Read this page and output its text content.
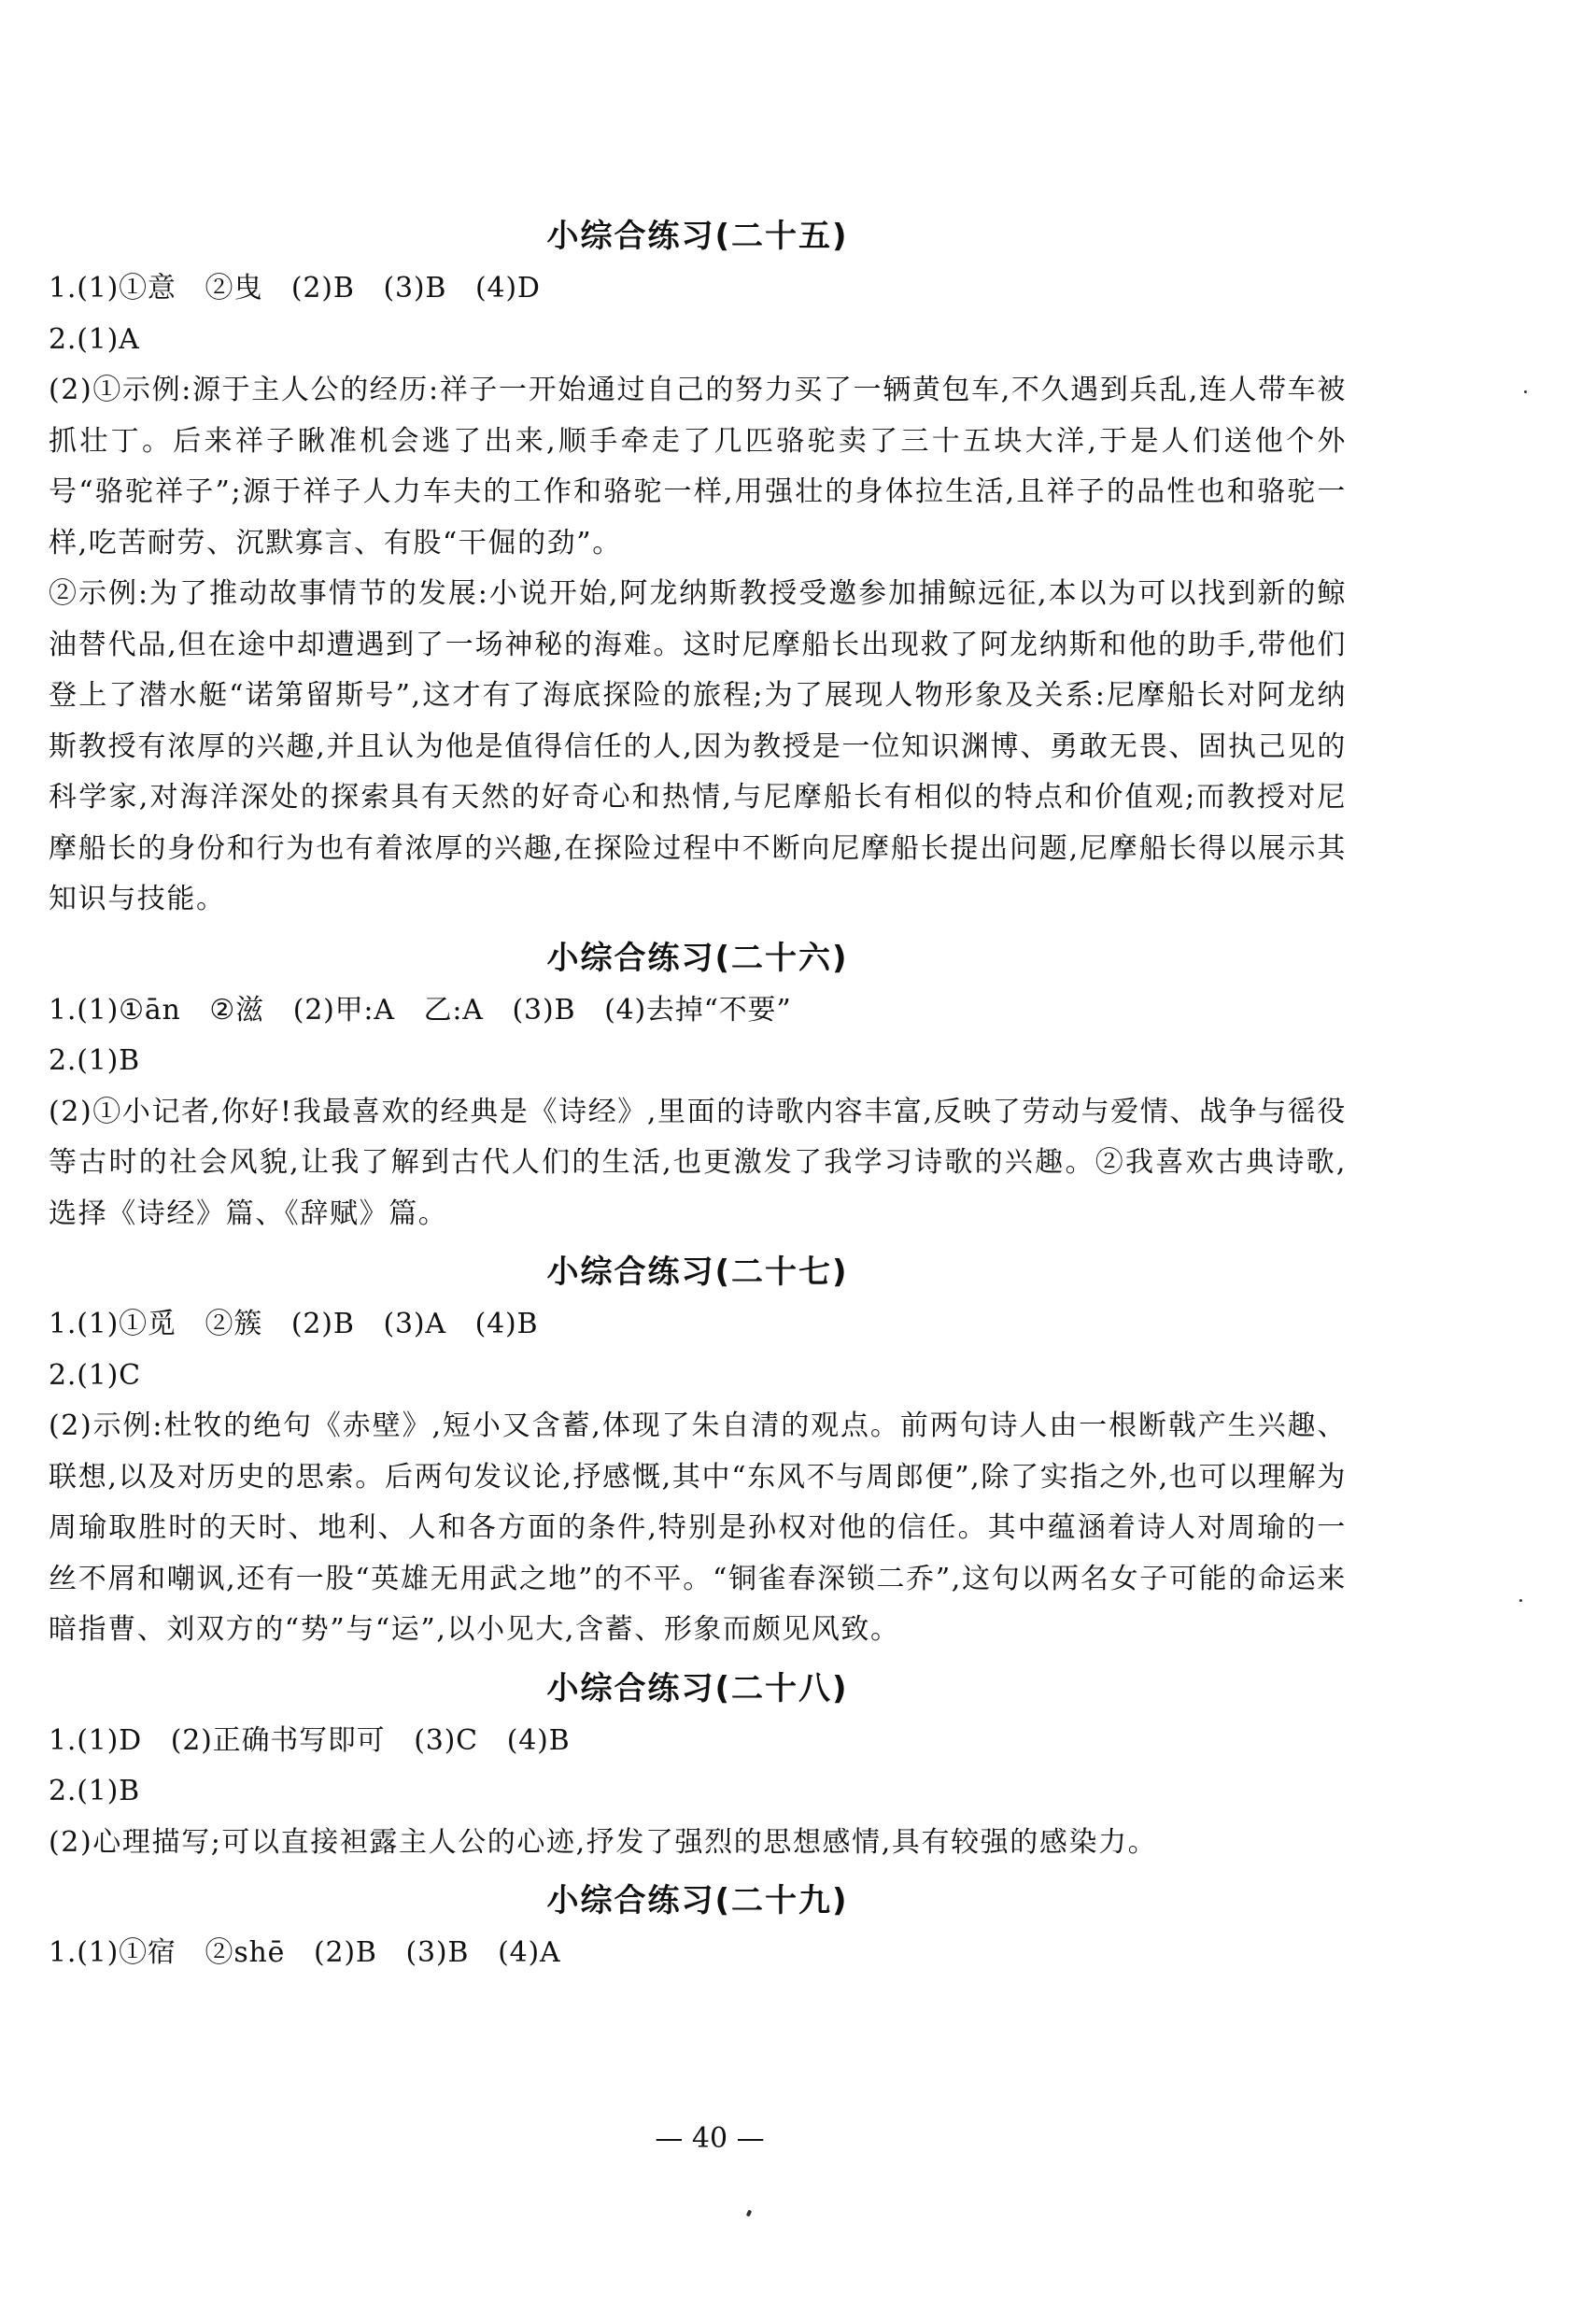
小综合练习(二十五)

1.(1)①意　②曳　(2)B　(3)B　(4)D

2.(1)A

(2)①示例:源于主人公的经历:祥子一开始通过自己的努力买了一辆黄包车,不久遇到兵乱,连人带车被抓壮丁。后来祥子瞅准机会逃了出来,顺手牵走了几匹骆驼卖了三十五块大洋,于是人们送他个外号“骆驼祥子”;源于祥子人力车夫的工作和骆驼一样,用强壮的身体拉生活,且祥子的品性也和骆驼一样,吃苦耐劳、沉默寡言、有股“干倔的劲”。

②示例:为了推动故事情节的发展:小说开始,阿龙纳斯教授受邀参加捕鲸远征,本以为可以找到新的鲸油替代品,但在途中却遭遇到了一场神秘的海难。这时尼摩船长出现救了阿龙纳斯和他的助手,带他们登上了潜水艇“诺第留斯号”,这才有了海底探险的旅程;为了展现人物形象及关系:尼摩船长对阿龙纳斯教授有浓厚的兴趣,并且认为他是值得信任的人,因为教授是一位知识渊博、勇敢无畏、固执己见的科学家,对海洋深处的探索具有天然的好奇心和热情,与尼摩船长有相似的特点和价值观;而教授对尼摩船长的身份和行为也有着浓厚的兴趣,在探险过程中不断向尼摩船长提出问题,尼摩船长得以展示其知识与技能。

小综合练习(二十六)

1.(1)①ān　②滋　(2)甲:A　乙:A　(3)B　(4)去掉“不要”

2.(1)B

(2)①小记者,你好!我最喜欢的经典是《诗经》,里面的诗歌内容丰富,反映了劳动与爱情、战争与徭役等古时的社会风貌,让我了解到古代人们的生活,也更激发了我学习诗歌的兴趣。②我喜欢古典诗歌,选择《诗经》篇、《辞赋》篇。

小综合练习(二十七)

1.(1)①觅　②簇　(2)B　(3)A　(4)B

2.(1)C

(2)示例:杜牧的绝句《赤壁》,短小又含蓄,体现了朱自清的观点。前两句诗人由一根断戟产生兴趣、联想,以及对历史的思索。后两句发议论,抒感慨,其中“东风不与周郎便”,除了实指之外,也可以理解为周瑜取胜时的天时、地利、人和各方面的条件,特别是孙权对他的信任。其中蕴涵着诗人对周瑜的一丝不屑和嘲讽,还有一股“英雄无用武之地”的不平。“铜雀春深锁二乔”,这句以两名女子可能的命运来暗指曹、刘双方的“势”与“运”,以小见大,含蓄、形象而颇见风致。

小综合练习(二十八)

1.(1)D　(2)正确书写即可　(3)C　(4)B

2.(1)B

(2)心理描写;可以直接袒露主人公的心迹,抒发了强烈的思想感情,具有较强的感染力。

小综合练习(二十九)

1.(1)①宿　②shē　(2)B　(3)B　(4)A

— 40 —
